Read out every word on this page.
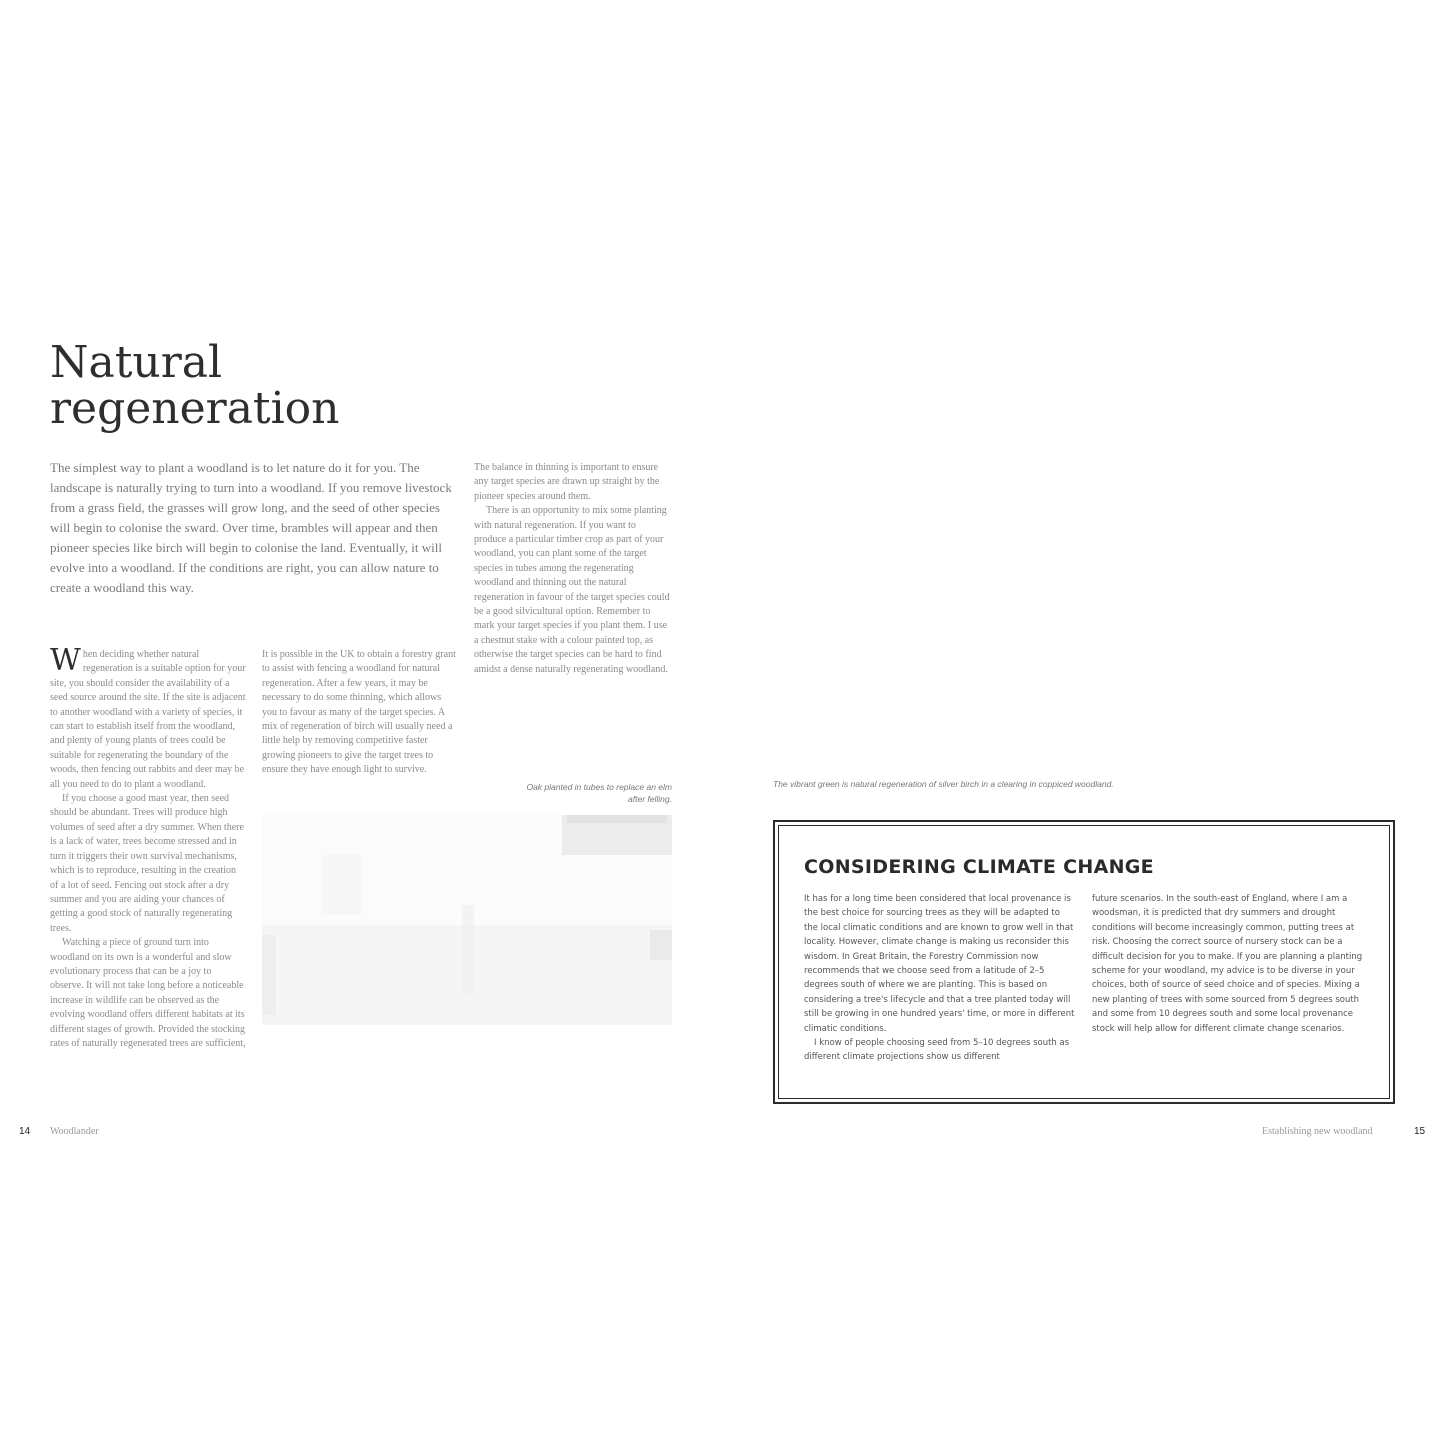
Natural
regeneration

The simplest way to plant a woodland is to let nature do it for you. The landscape is naturally trying to turn into a woodland. If you remove livestock from a grass field, the grasses will grow long, and the seed of other species will begin to colonise the sward. Over time, brambles will appear and then pioneer species like birch will begin to colonise the land. Eventually, it will evolve into a woodland. If the conditions are right, you can allow nature to create a woodland this way.

When deciding whether natural regeneration is a suitable option for your site, you should consider the availability of a seed source around the site. If the site is adjacent to another woodland with a variety of species, it can start to establish itself from the woodland, and plenty of young plants of trees could be suitable for regenerating the boundary of the woods, then fencing out rabbits and deer may be all you need to do to plant a woodland.

If you choose a good mast year, then seed should be abundant. Trees will produce high volumes of seed after a dry summer. When there is a lack of water, trees become stressed and in turn it triggers their own survival mechanisms, which is to reproduce, resulting in the creation of a lot of seed. Fencing out stock after a dry summer and you are aiding your chances of getting a good stock of naturally regenerating trees.

Watching a piece of ground turn into woodland on its own is a wonderful and slow evolutionary process that can be a joy to observe. It will not take long before a noticeable increase in wildlife can be observed as the evolving woodland offers different habitats at its different stages of growth. Provided the stocking rates of naturally regenerated trees are sufficient,

It is possible in the UK to obtain a forestry grant to assist with fencing a woodland for natural regeneration. After a few years, it may be necessary to do some thinning, which allows you to favour as many of the target species. A mix of regeneration of birch will usually need a little help by removing competitive faster growing pioneers to give the target trees to ensure they have enough light to survive.

The balance in thinning is important to ensure any target species are drawn up straight by the pioneer species around them.

There is an opportunity to mix some planting with natural regeneration. If you want to produce a particular timber crop as part of your woodland, you can plant some of the target species in tubes among the regenerating woodland and thinning out the natural regeneration in favour of the target species could be a good silvicultural option. Remember to mark your target species if you plant them. I use a chestnut stake with a colour painted top, as otherwise the target species can be hard to find amidst a dense naturally regenerating woodland.

Oak planted in tubes to replace an elm after felling.

14 Woodlander

The vibrant green is natural regeneration of silver birch in a clearing in coppiced woodland.

CONSIDERING CLIMATE CHANGE

It has for a long time been considered that local provenance is the best choice for sourcing trees as they will be adapted to the local climatic conditions and are known to grow well in that locality. However, climate change is making us reconsider this wisdom. In Great Britain, the Forestry Commission now recommends that we choose seed from a latitude of 2–5 degrees south of where we are planting. This is based on considering a tree's lifecycle and that a tree planted today will still be growing in one hundred years' time, or more in different climatic conditions.

I know of people choosing seed from 5–10 degrees south as different climate projections show us different

future scenarios. In the south-east of England, where I am a woodsman, it is predicted that dry summers and drought conditions will become increasingly common, putting trees at risk. Choosing the correct source of nursery stock can be a difficult decision for you to make. If you are planning a planting scheme for your woodland, my advice is to be diverse in your choices, both of source of seed choice and of species. Mixing a new planting of trees with some sourced from 5 degrees south and some from 10 degrees south and some local provenance stock will help allow for different climate change scenarios.

Establishing new woodland	15
